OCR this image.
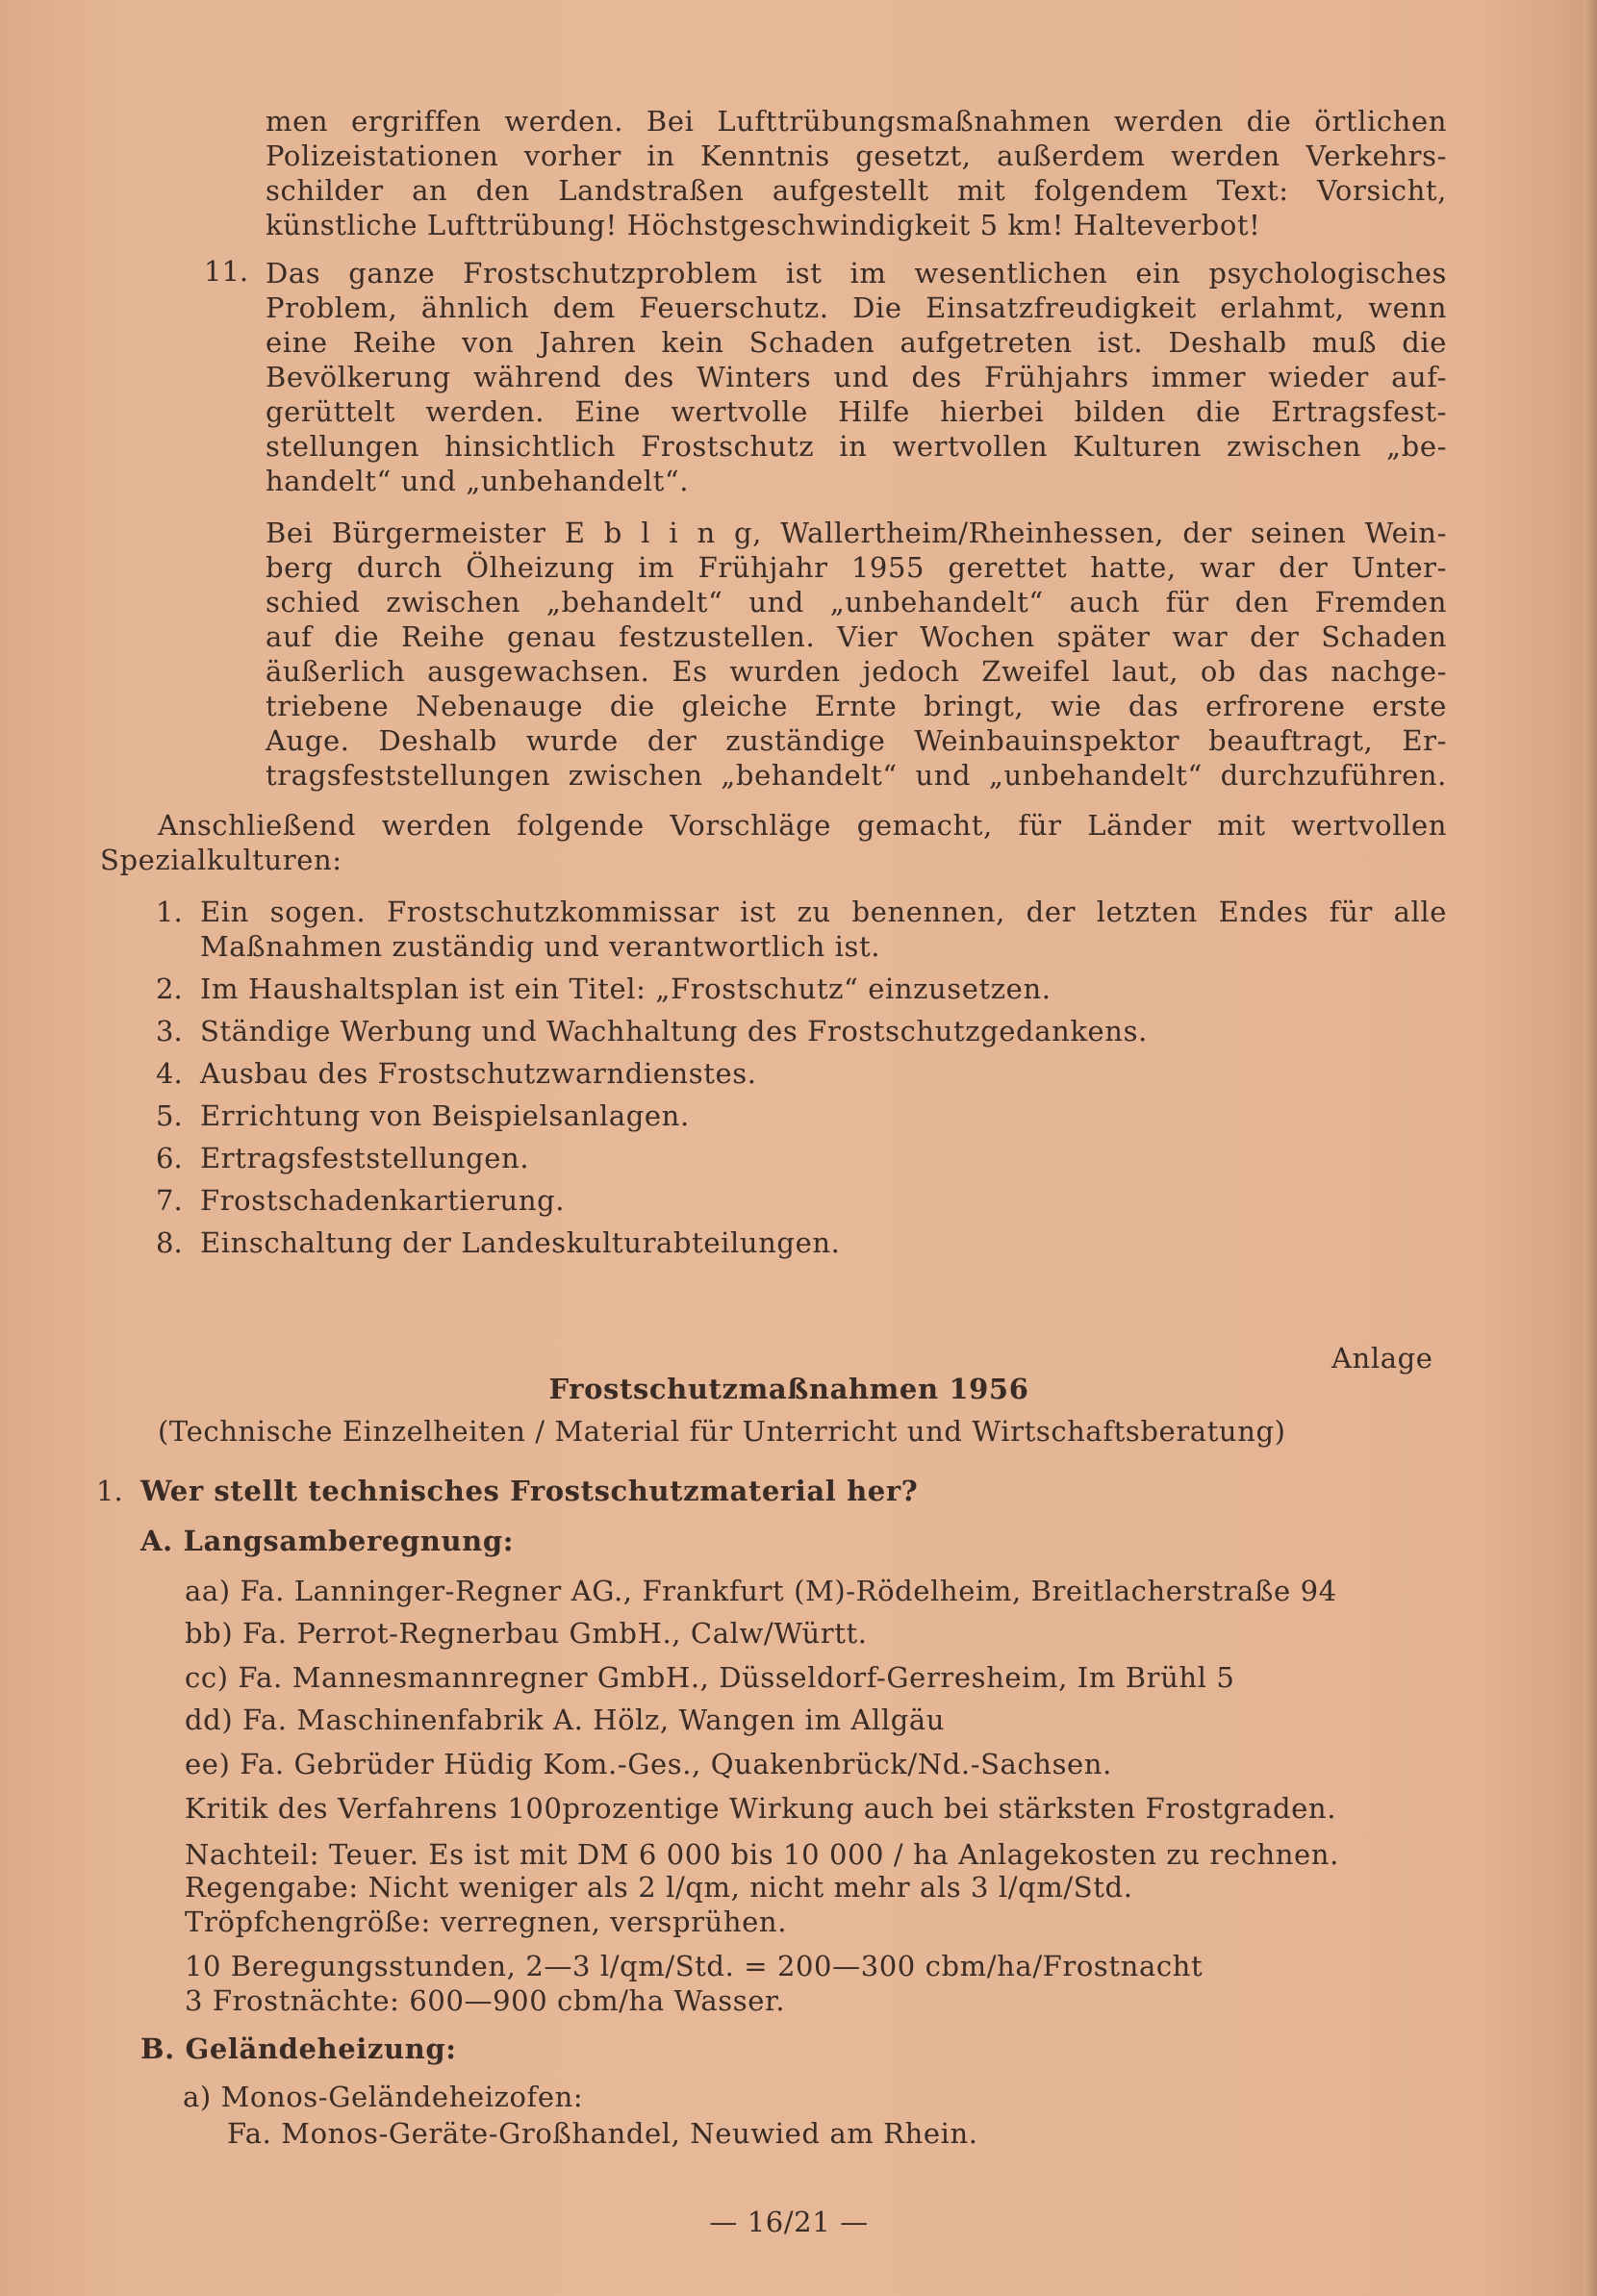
men ergriffen werden. Bei Lufttrübungsmaßnahmen werden die örtlichen

Polizeistationen vorher in Kenntnis gesetzt, außerdem werden Verkehrs-

schilder an den Landstraßen aufgestellt mit folgendem Text: Vorsicht,

künstliche Lufttrübung! Höchstgeschwindigkeit 5 km! Halteverbot!

11. Das ganze Frostschutzproblem ist im wesentlichen ein psychologisches

Problem, ähnlich dem Feuerschutz. Die Einsatzfreudigkeit erlahmt, wenn

eine Reihe von Jahren kein Schaden aufgetreten ist. Deshalb muß die

Bevölkerung während des Winters und des Frühjahrs immer wieder auf-

gerüttelt werden. Eine wertvolle Hilfe hierbei bilden die Ertragsfest-

stellungen hinsichtlich Frostschutz in wertvollen Kulturen zwischen „be-

handelt“ und „unbehandelt“.

Bei Bürgermeister E b l i n g, Wallertheim/Rheinhessen, der seinen Wein-

berg durch Ölheizung im Frühjahr 1955 gerettet hatte, war der Unter-

schied zwischen „behandelt“ und „unbehandelt“ auch für den Fremden

auf die Reihe genau festzustellen. Vier Wochen später war der Schaden

äußerlich ausgewachsen. Es wurden jedoch Zweifel laut, ob das nachge-

triebene Nebenauge die gleiche Ernte bringt, wie das erfrorene erste

Auge. Deshalb wurde der zuständige Weinbauinspektor beauftragt, Er-

tragsfeststellungen zwischen „behandelt“ und „unbehandelt“ durchzuführen.

Anschließend werden folgende Vorschläge gemacht, für Länder mit wertvollen

Spezialkulturen:

1. Ein sogen. Frostschutzkommissar ist zu benennen, der letzten Endes für alle

Maßnahmen zuständig und verantwortlich ist.

2. Im Haushaltsplan ist ein Titel: „Frostschutz“ einzusetzen.

3. Ständige Werbung und Wachhaltung des Frostschutzgedankens.

4. Ausbau des Frostschutzwarndienstes.

5. Errichtung von Beispielsanlagen.

6. Ertragsfeststellungen.

7. Frostschadenkartierung.

8. Einschaltung der Landeskulturabteilungen.

Anlage

Frostschutzmaßnahmen 1956

(Technische Einzelheiten / Material für Unterricht und Wirtschaftsberatung)

1. Wer stellt technisches Frostschutzmaterial her?

A. Langsamberegnung:

aa) Fa. Lanninger-Regner AG., Frankfurt (M)-Rödelheim, Breitlacherstraße 94

bb) Fa. Perrot-Regnerbau GmbH., Calw/Württ.

cc) Fa. Mannesmannregner GmbH., Düsseldorf-Gerresheim, Im Brühl 5

dd) Fa. Maschinenfabrik A. Hölz, Wangen im Allgäu

ee) Fa. Gebrüder Hüdig Kom.-Ges., Quakenbrück/Nd.-Sachsen.

Kritik des Verfahrens 100prozentige Wirkung auch bei stärksten Frostgraden.

Nachteil: Teuer. Es ist mit DM 6 000 bis 10 000 / ha Anlagekosten zu rechnen.

Regengabe: Nicht weniger als 2 l/qm, nicht mehr als 3 l/qm/Std.

Tröpfchengröße: verregnen, versprühen.

10 Beregungsstunden, 2—3 l/qm/Std. = 200—300 cbm/ha/Frostnacht

3 Frostnächte: 600—900 cbm/ha Wasser.

B. Geländeheizung:

a) Monos-Geländeheizofen:

Fa. Monos-Geräte-Großhandel, Neuwied am Rhein.

— 16/21 —
